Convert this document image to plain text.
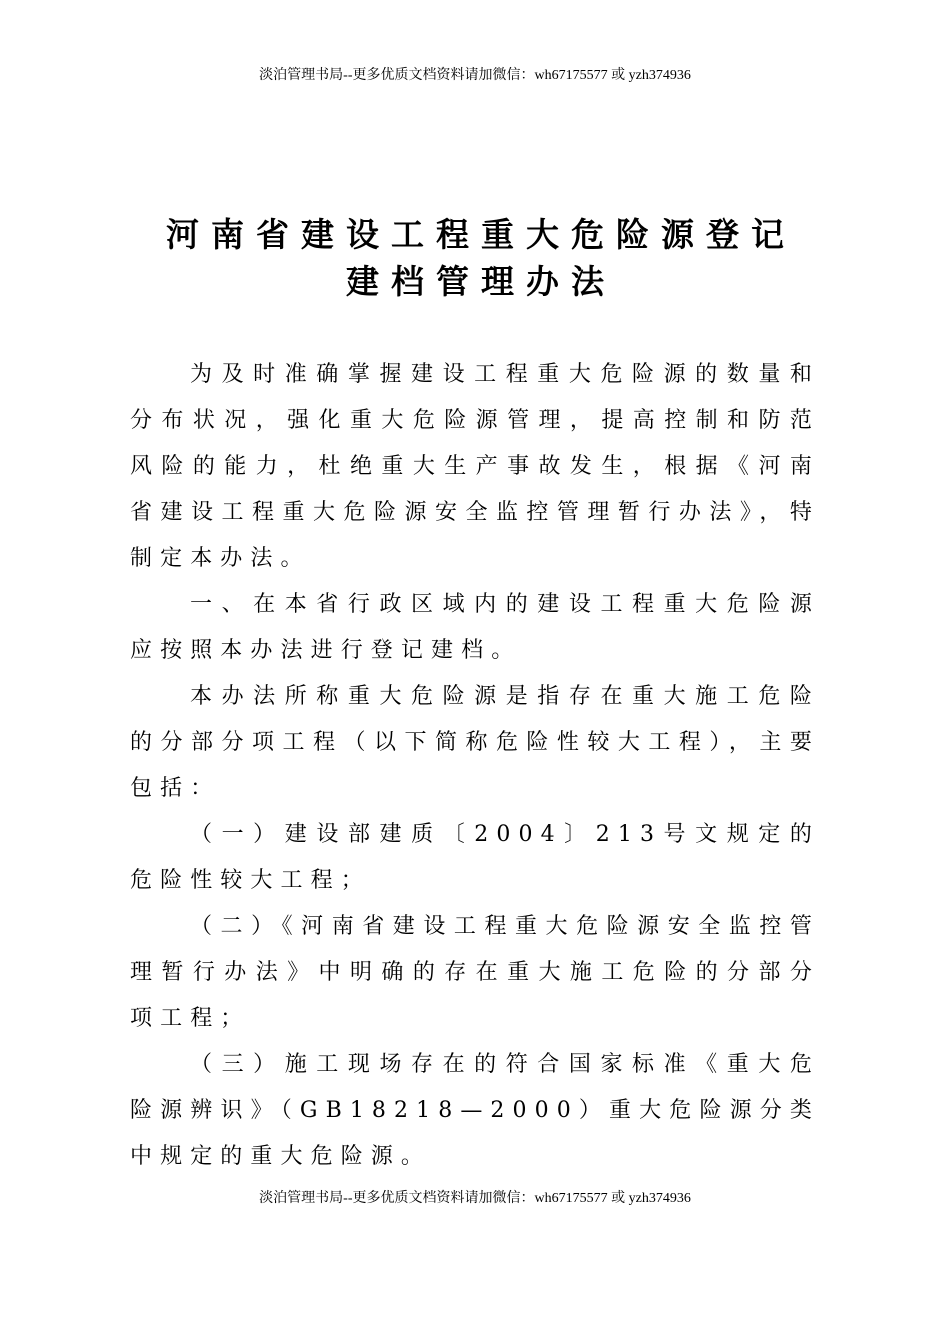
淡泊管理书局--更多优质文档资料请加微信：wh67175577 或 yzh374936
河南省建设工程重大危险源登记
建档管理办法

为及时准确掌握建设工程重大危险源的数量和分布状况，强化重大危险源管理，提高控制和防范风险的能力，杜绝重大生产事故发生，根据《河南省建设工程重大危险源安全监控管理暂行办法》，特制定本办法。

一、在本省行政区域内的建设工程重大危险源应按照本办法进行登记建档。

本办法所称重大危险源是指存在重大施工危险的分部分项工程（以下简称危险性较大工程），主要包括：

（一）建设部建质〔2004〕213号文规定的危险性较大工程；

（二）《河南省建设工程重大危险源安全监控管理暂行办法》中明确的存在重大施工危险的分部分项工程；

（三）施工现场存在的符合国家标准《重大危险源辨识》（GB18218—2000）重大危险源分类中规定的重大危险源。

淡泊管理书局--更多优质文档资料请加微信：wh67175577 或 yzh374936
